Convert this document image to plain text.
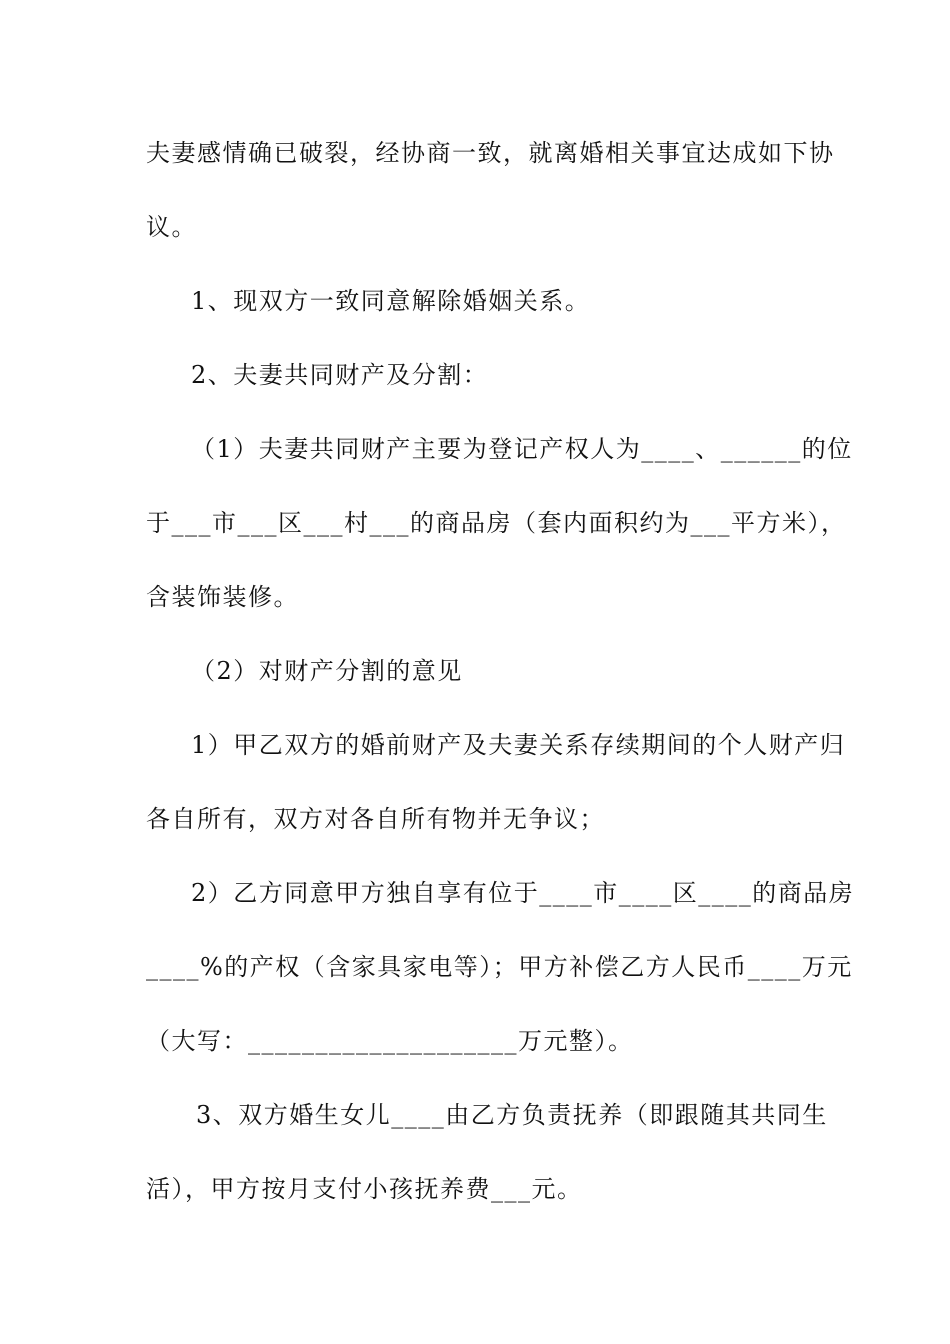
夫妻感情确已破裂，经协商一致，就离婚相关事宜达成如下协
议。
1、现双方一致同意解除婚姻关系。
2、夫妻共同财产及分割：
（1）夫妻共同财产主要为登记产权人为____、______的位
于___市___区___村___的商品房（套内面积约为___平方米），
含装饰装修。
（2）对财产分割的意见
1）甲乙双方的婚前财产及夫妻关系存续期间的个人财产归
各自所有，双方对各自所有物并无争议；
2）乙方同意甲方独自享有位于____市____区____的商品房
____%的产权（含家具家电等）；甲方补偿乙方人民币____万元
（大写：____________________万元整）。
3、双方婚生女儿____由乙方负责抚养（即跟随其共同生
活），甲方按月支付小孩抚养费___元。
